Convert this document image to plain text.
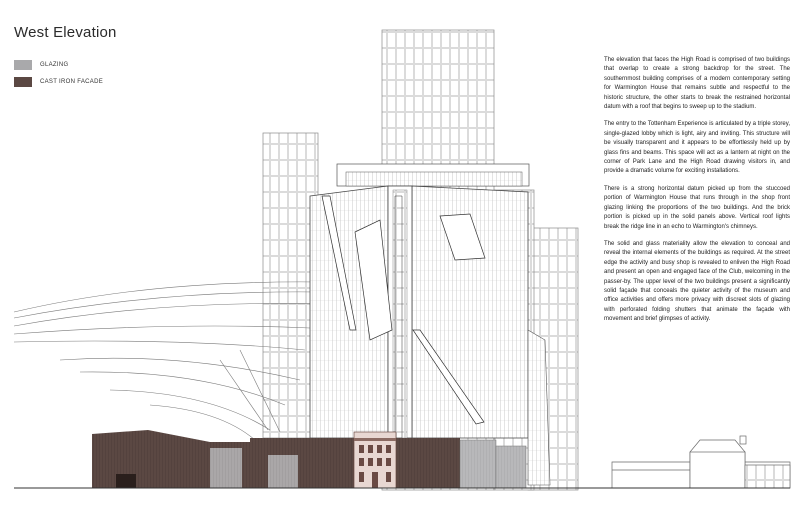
West Elevation
GLAZING
CAST IRON FACADE

The elevation that faces the High Road is comprised of two buildings that overlap to create a strong backdrop for the street. The southernmost building comprises of a modern contemporary setting for Warmington House that remains subtle and respectful to the historic structure, the other starts to break the restrained horizontal datum with a roof that begins to sweep up to the stadium.

The entry to the Tottenham Experience is articulated by a triple storey, single-glazed lobby which is light, airy and inviting. This structure will be visually transparent and it appears to be effortlessly held up by glass fins and beams. This space will act as a lantern at night on the corner of Park Lane and the High Road drawing visitors in, and provide a dramatic volume for exciting installations.

There is a strong horizontal datum picked up from the stuccoed portion of Warmington House that runs through in the shop front glazing linking the proportions of the two buildings. And the brick portion is picked up in the solid panels above. Vertical roof lights break the ridge line in an echo to Warmington's chimneys.

The solid and glass materiality allow the elevation to conceal and reveal the internal elements of the buildings as required. At the street edge the activity and busy shop is revealed to enliven the High Road and present an open and engaged face of the Club, welcoming in the passer-by. The upper level of the two buildings present a significantly solid façade that conceals the quieter activity of the museum and office activities and offers more privacy with discreet slots of glazing with perforated folding shutters that animate the façade with movement and brief glimpses of activity.
